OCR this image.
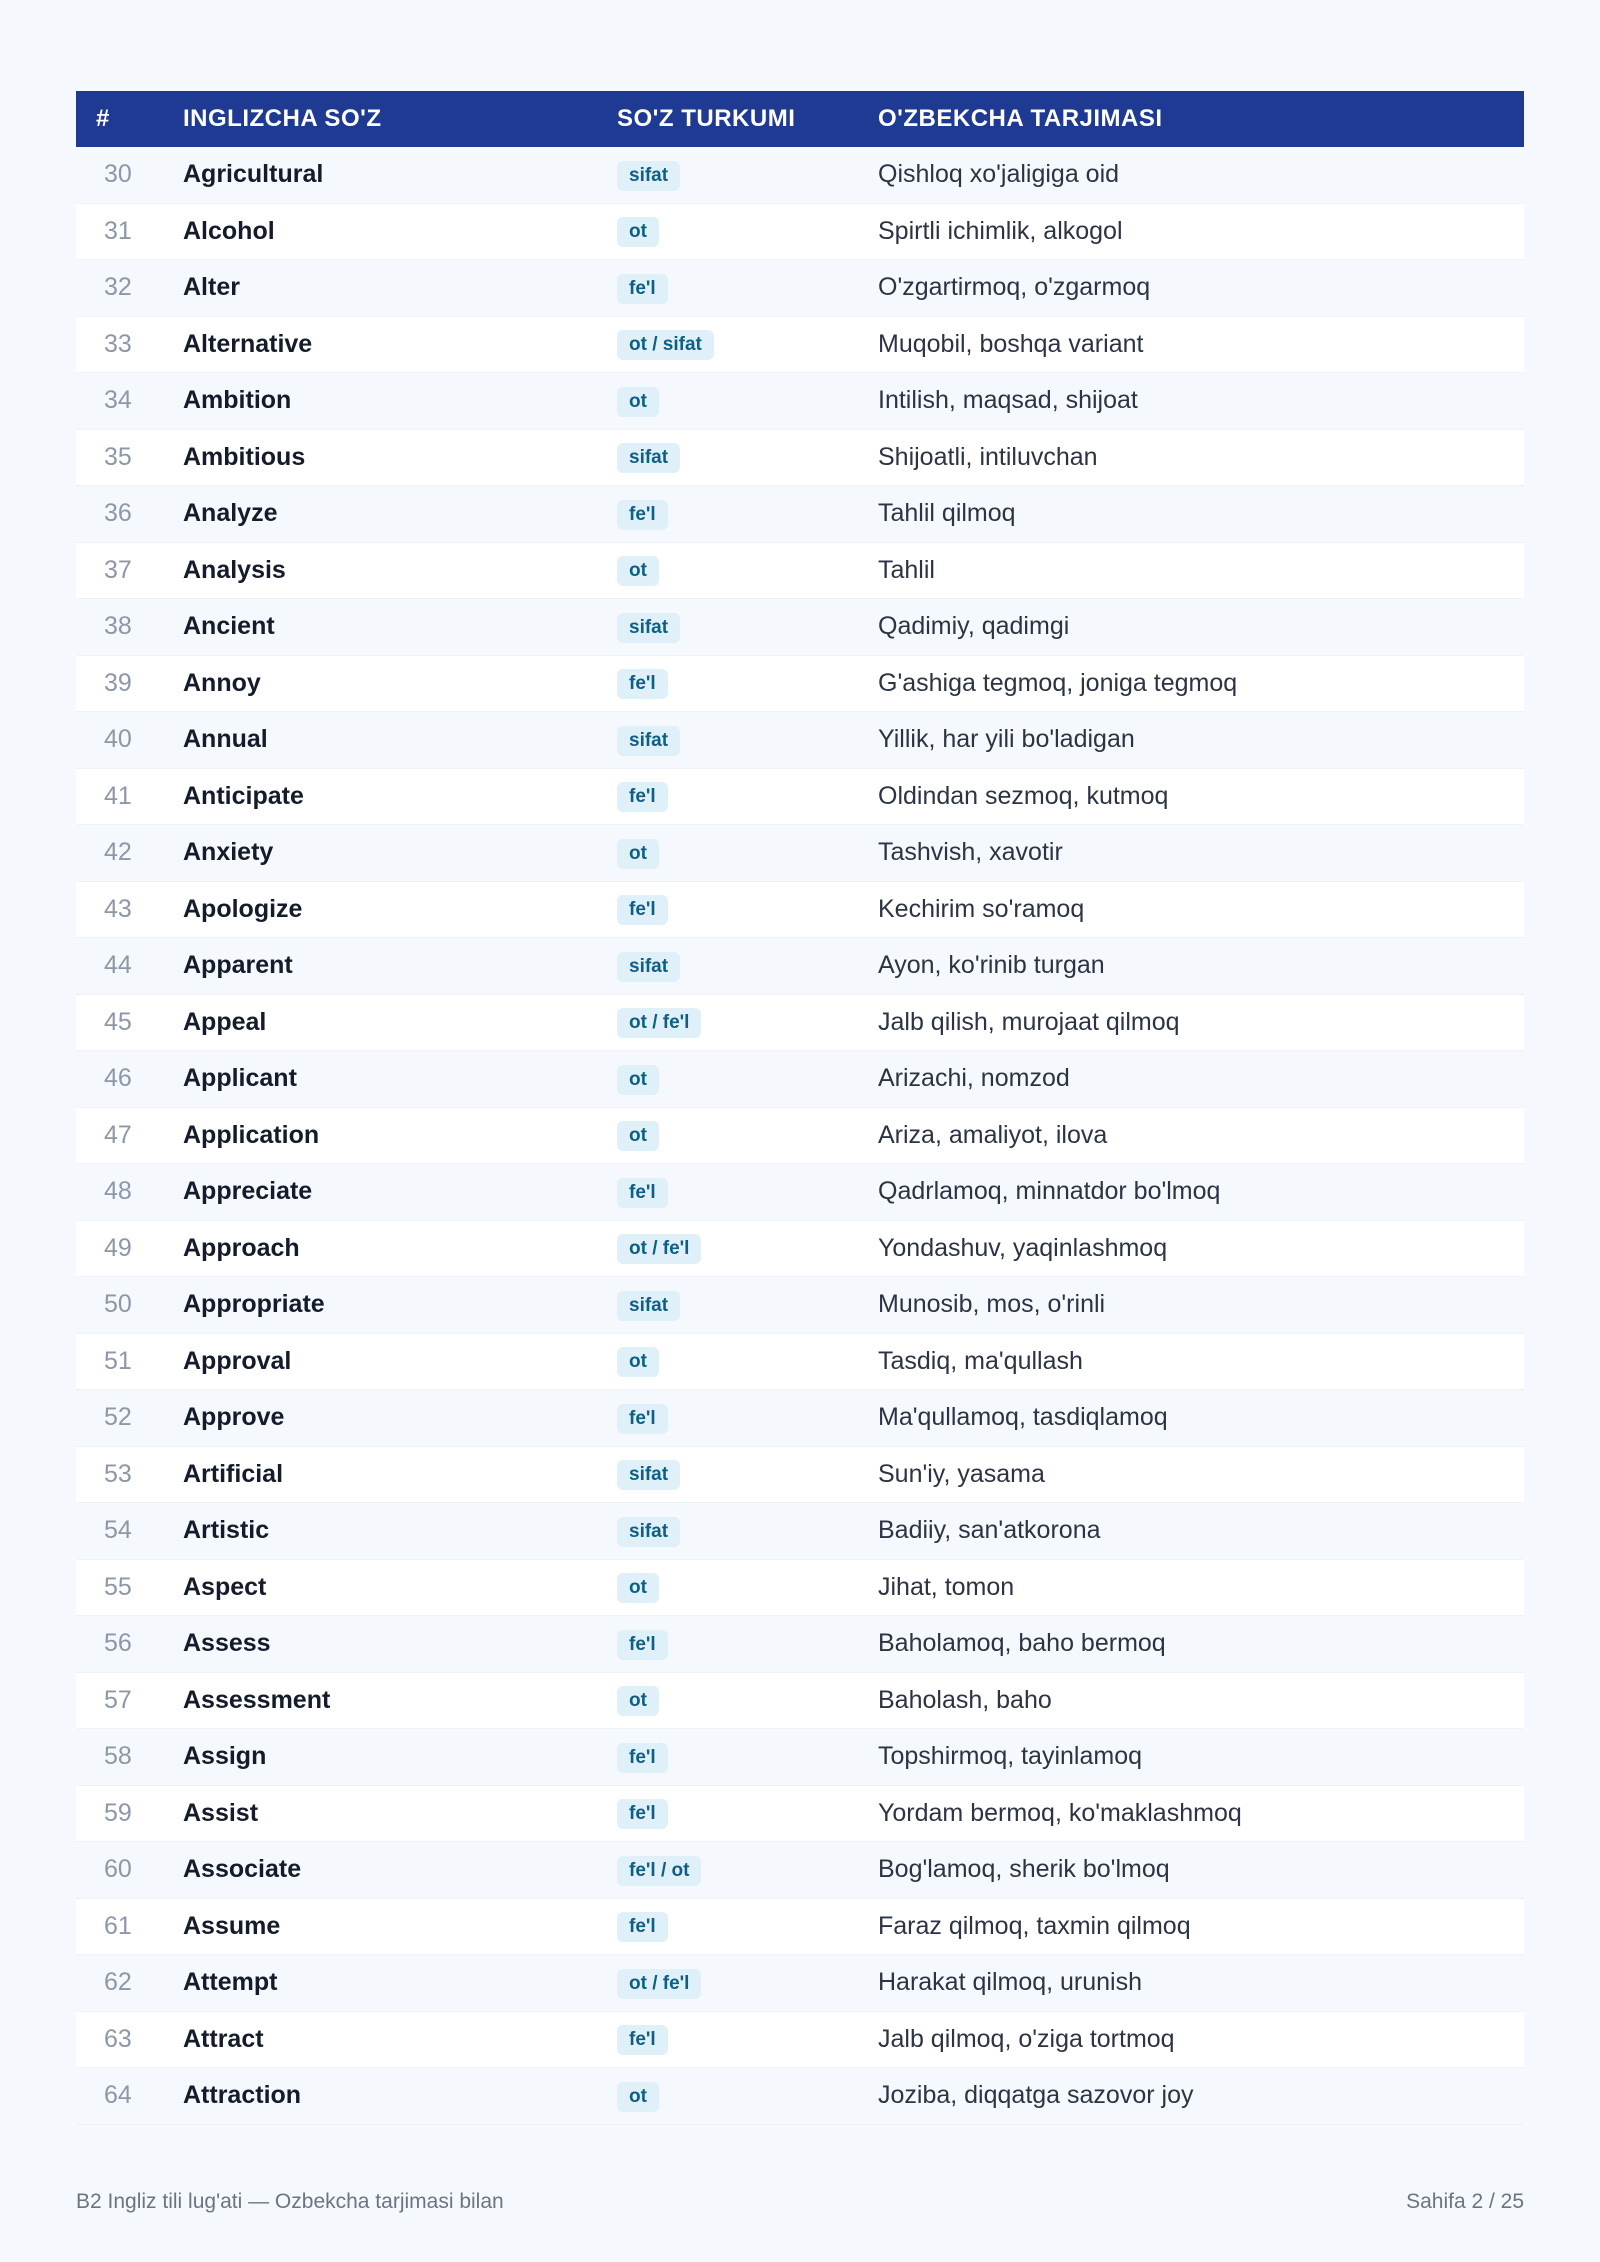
#	INGLIZCHA SO'Z	SO'Z TURKUMI	O'ZBEKCHA TARJIMASI
30	Agricultural	sifat	Qishloq xo'jaligiga oid
31	Alcohol	ot	Spirtli ichimlik, alkogol
32	Alter	fe'l	O'zgartirmoq, o'zgarmoq
33	Alternative	ot / sifat	Muqobil, boshqa variant
34	Ambition	ot	Intilish, maqsad, shijoat
35	Ambitious	sifat	Shijoatli, intiluvchan
36	Analyze	fe'l	Tahlil qilmoq
37	Analysis	ot	Tahlil
38	Ancient	sifat	Qadimiy, qadimgi
39	Annoy	fe'l	G'ashiga tegmoq, joniga tegmoq
40	Annual	sifat	Yillik, har yili bo'ladigan
41	Anticipate	fe'l	Oldindan sezmoq, kutmoq
42	Anxiety	ot	Tashvish, xavotir
43	Apologize	fe'l	Kechirim so'ramoq
44	Apparent	sifat	Ayon, ko'rinib turgan
45	Appeal	ot / fe'l	Jalb qilish, murojaat qilmoq
46	Applicant	ot	Arizachi, nomzod
47	Application	ot	Ariza, amaliyot, ilova
48	Appreciate	fe'l	Qadrlamoq, minnatdor bo'lmoq
49	Approach	ot / fe'l	Yondashuv, yaqinlashmoq
50	Appropriate	sifat	Munosib, mos, o'rinli
51	Approval	ot	Tasdiq, ma'qullash
52	Approve	fe'l	Ma'qullamoq, tasdiqlamoq
53	Artificial	sifat	Sun'iy, yasama
54	Artistic	sifat	Badiiy, san'atkorona
55	Aspect	ot	Jihat, tomon
56	Assess	fe'l	Baholamoq, baho bermoq
57	Assessment	ot	Baholash, baho
58	Assign	fe'l	Topshirmoq, tayinlamoq
59	Assist	fe'l	Yordam bermoq, ko'maklashmoq
60	Associate	fe'l / ot	Bog'lamoq, sherik bo'lmoq
61	Assume	fe'l	Faraz qilmoq, taxmin qilmoq
62	Attempt	ot / fe'l	Harakat qilmoq, urunish
63	Attract	fe'l	Jalb qilmoq, o'ziga tortmoq
64	Attraction	ot	Joziba, diqqatga sazovor joy
B2 Ingliz tili lug'ati — Ozbekcha tarjimasi bilan	Sahifa 2 / 25
